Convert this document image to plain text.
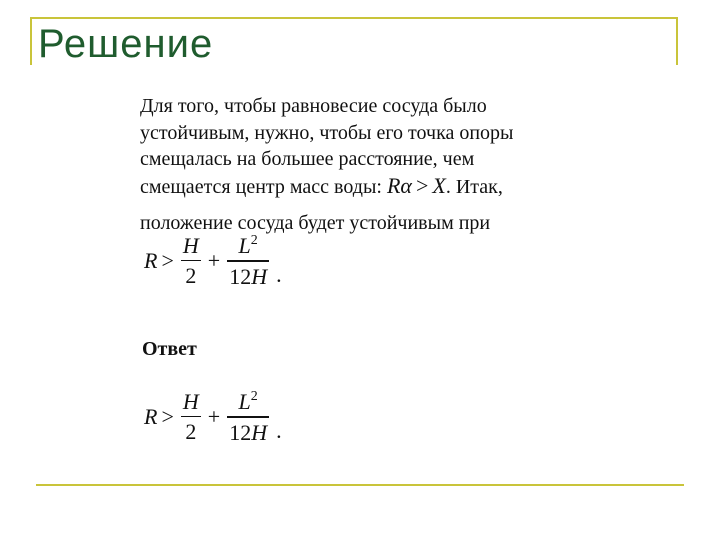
Решение
Для того, чтобы равновесие сосуда было
устойчивым, нужно, чтобы его точка опоры
смещалась на большее расстояние, чем
смещается центр масс воды: Rα > X. Итак,
положение сосуда будет устойчивым при
$R > \frac{H}{2} + \frac{L^2}{12H}$ .
Ответ
$R > \frac{H}{2} + \frac{L^2}{12H}$ .
